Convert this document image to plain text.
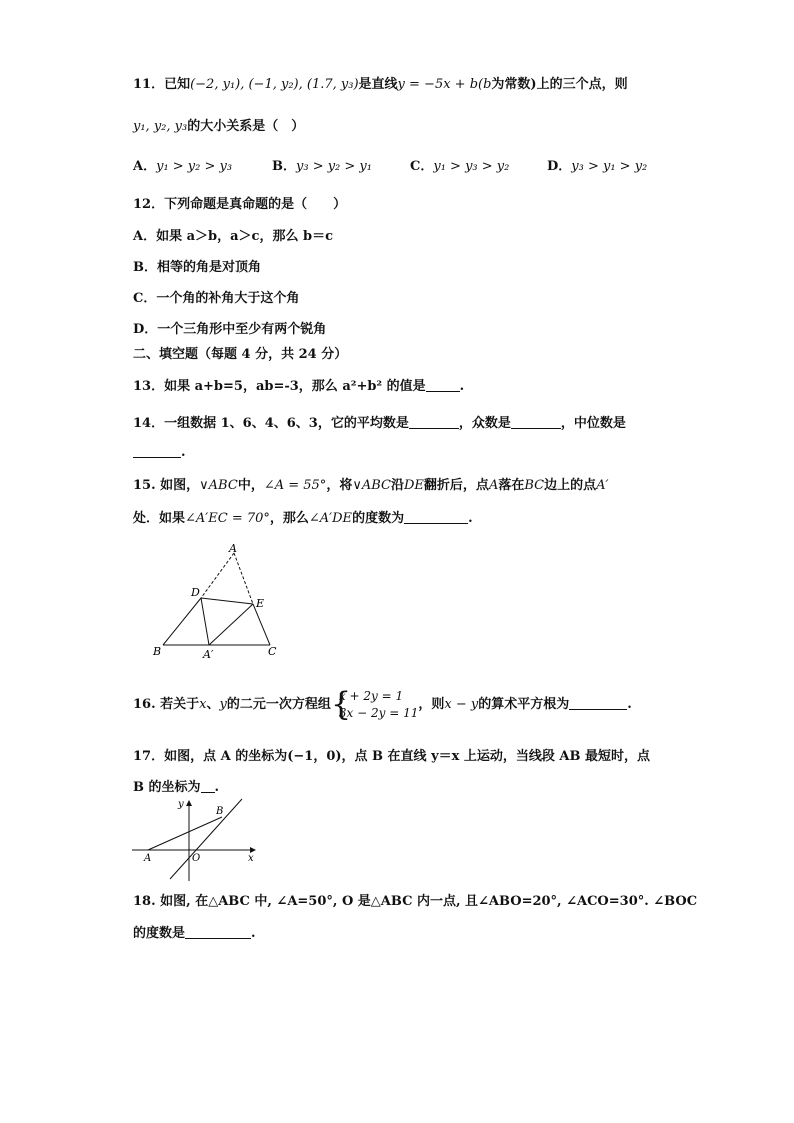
11．已知(−2, y₁), (−1, y₂), (1.7, y₃)是直线y = −5x + b(b为常数)上的三个点，则
y₁, y₂, y₃的大小关系是（　）
A．y₁ > y₂ > y₃	B．y₃ > y₂ > y₁	C．y₁ > y₃ > y₂	D．y₃ > y₁ > y₂
12．下列命题是真命题的是（　　）
A．如果 a＞b，a＞c，那么 b＝c
B．相等的角是对顶角
C．一个角的补角大于这个角
D．一个三角形中至少有两个锐角
二、填空题（每题 4 分，共 24 分）
13．如果 a+b=5，ab=-3，那么 a²+b² 的值是	.
14．一组数据 1、6、4、6、3，它的平均数是	，众数是	，中位数是
.
15. 如图，∨ABC中，∠A = 55°，将∨ABC沿DE翻折后，点A落在BC边上的点A′
处．如果∠A′EC = 70°，那么∠A′DE的度数为	.
A
D
E
B	A′	C
16. 若关于x、y的二元一次方程组 {
x + 2y = 1
3x − 2y = 11
，则x − y的算术平方根为	.
17．如图，点 A 的坐标为(−1，0)，点 B 在直线 y＝x 上运动，当线段 AB 最短时，点
B 的坐标为 .
y
x
A	O
B
18. 如图, 在△ABC 中, ∠A=50°, O 是△ABC 内一点, 且∠ABO=20°, ∠ACO=30°. ∠BOC
的度数是	.
